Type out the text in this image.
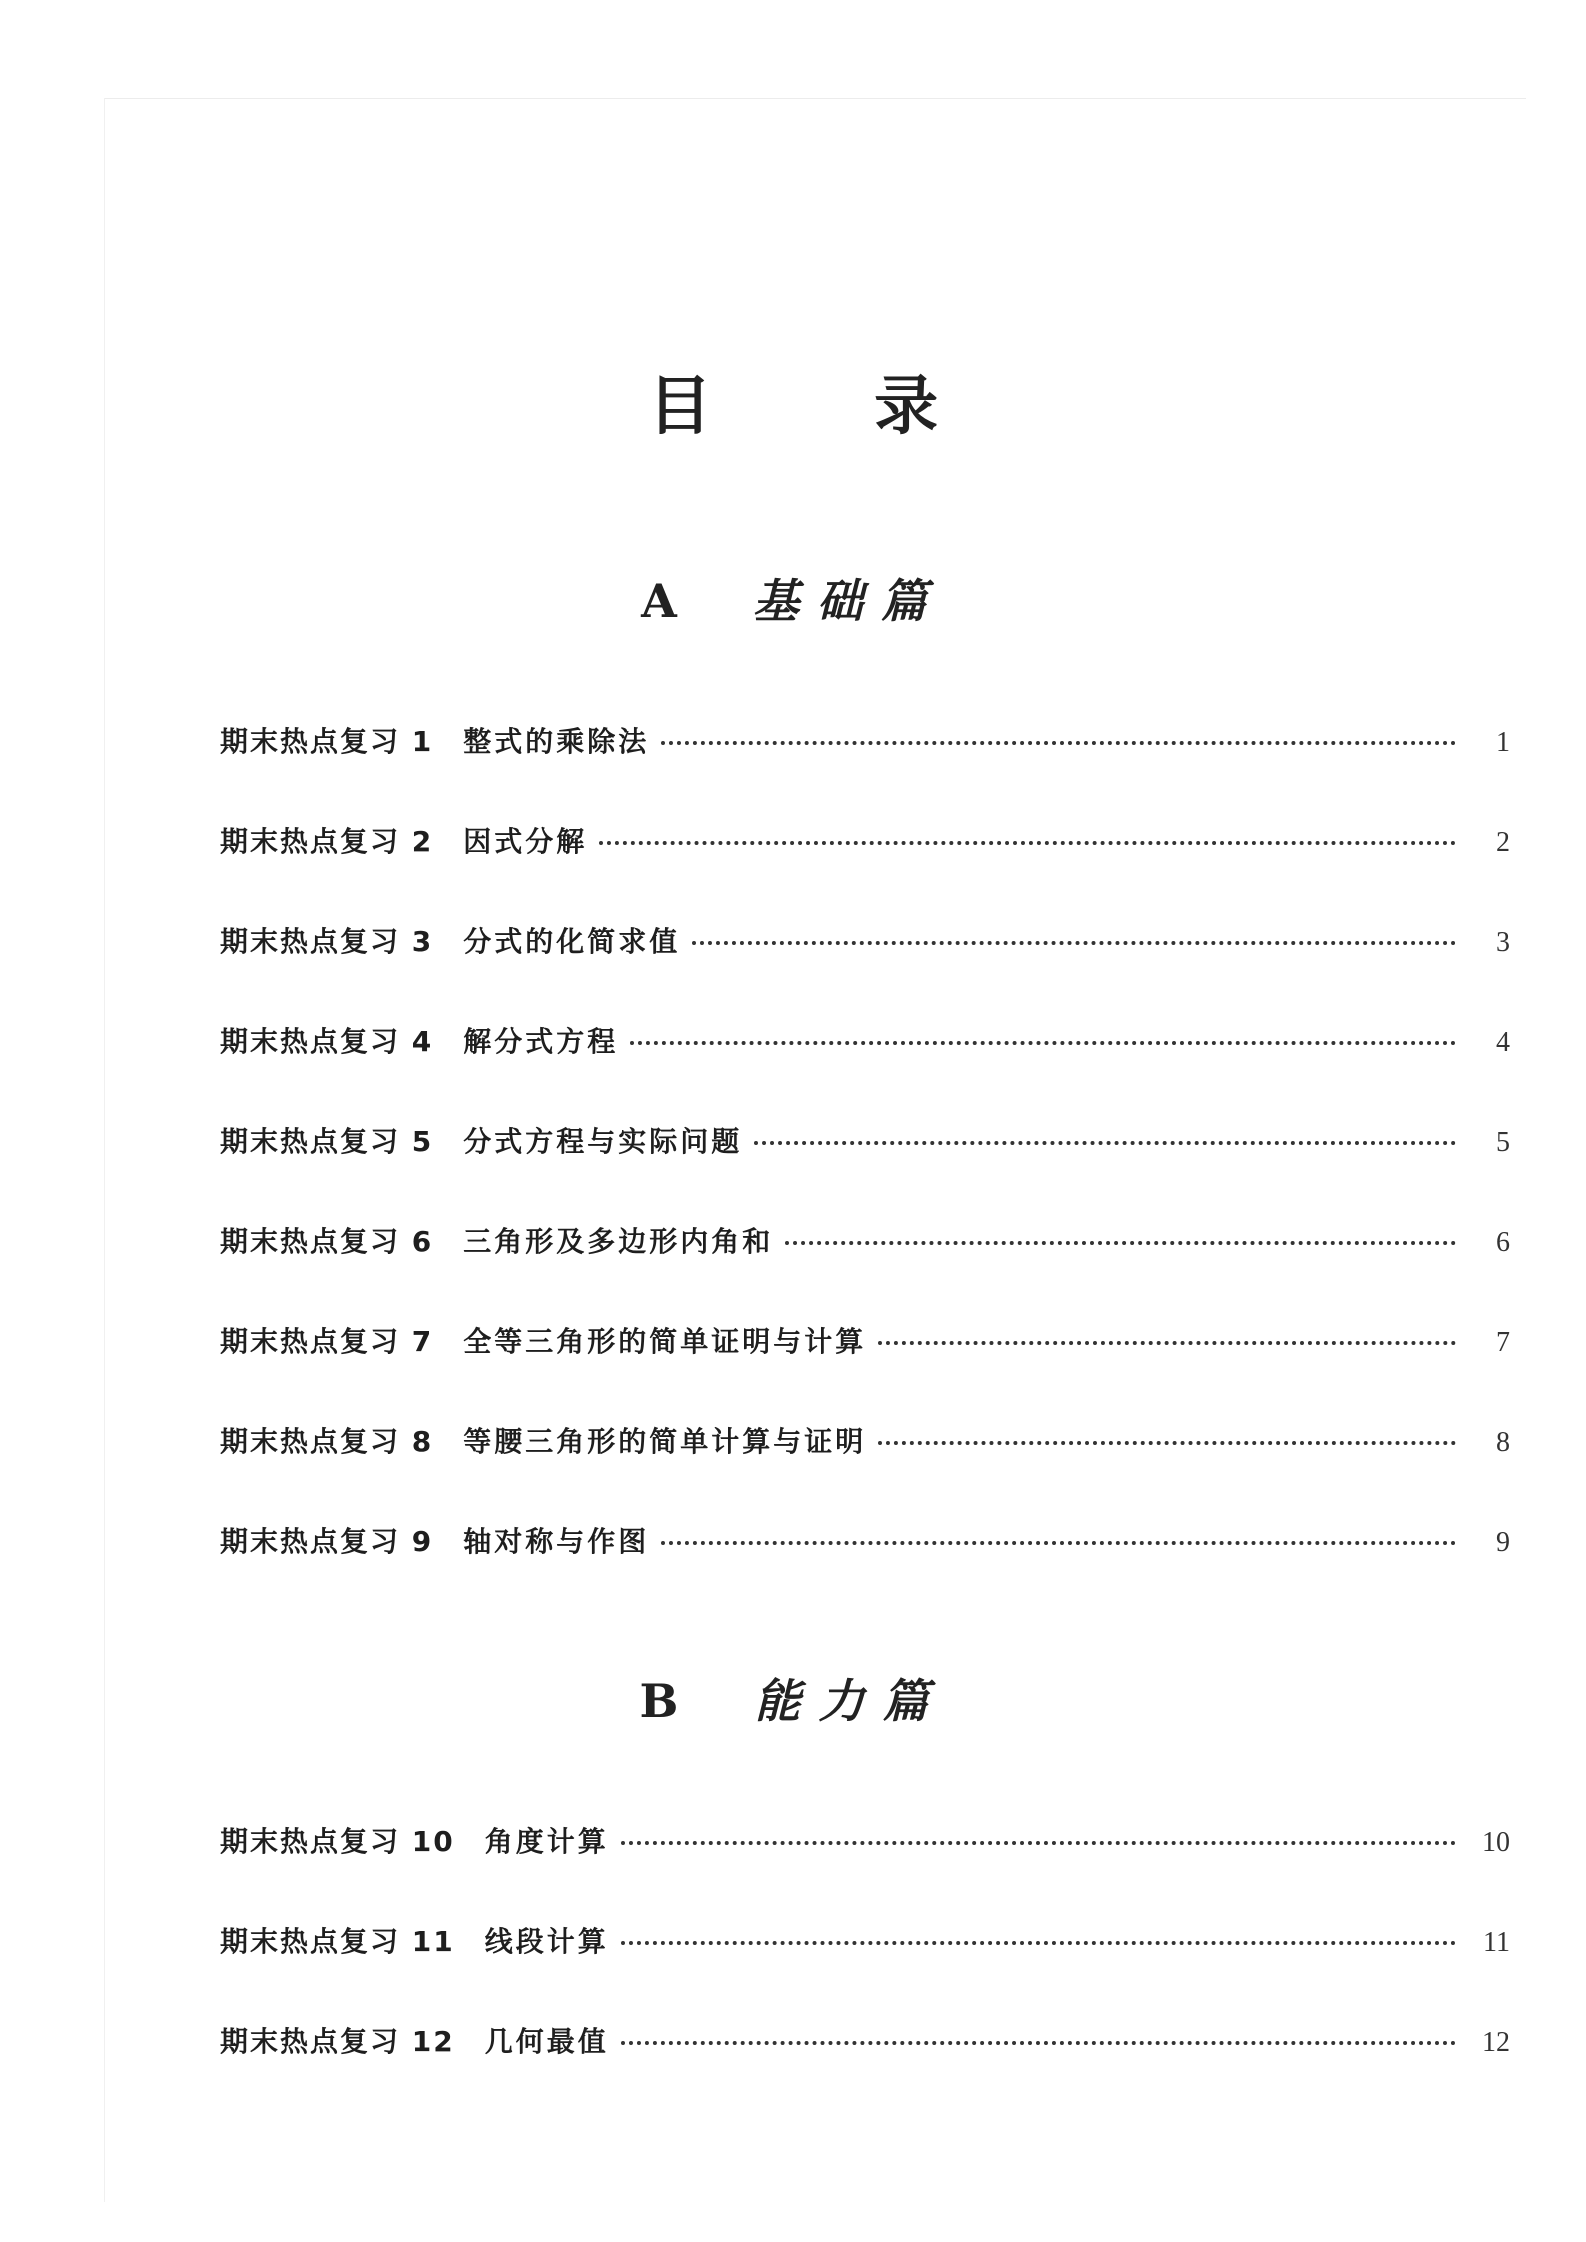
目 录
A 基础篇
期末热点复习 1 整式的乘除法	1
期末热点复习 2 因式分解	2
期末热点复习 3 分式的化简求值	3
期末热点复习 4 解分式方程	4
期末热点复习 5 分式方程与实际问题	5
期末热点复习 6 三角形及多边形内角和	6
期末热点复习 7 全等三角形的简单证明与计算	7
期末热点复习 8 等腰三角形的简单计算与证明	8
期末热点复习 9 轴对称与作图	9
B 能力篇
期末热点复习 10 角度计算	10
期末热点复习 11 线段计算	11
期末热点复习 12 几何最值	12
